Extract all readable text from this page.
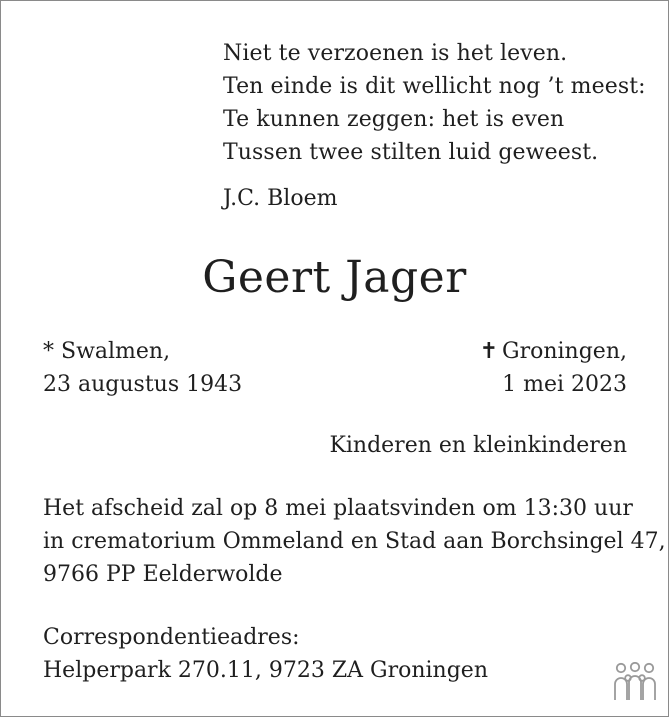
Niet te verzoenen is het leven.
Ten einde is dit wellicht nog ’t meest:
Te kunnen zeggen: het is even
Tussen twee stilten luid geweest.
J.C. Bloem
Geert Jager
* Swalmen,
23 augustus 1943
✝ Groningen,
1 mei 2023
Kinderen en kleinkinderen
Het afscheid zal op 8 mei plaatsvinden om 13:30 uur
in crematorium Ommeland en Stad aan Borchsingel 47,
9766 PP Eelderwolde
Correspondentieadres:
Helperpark 270.11, 9723 ZA Groningen
